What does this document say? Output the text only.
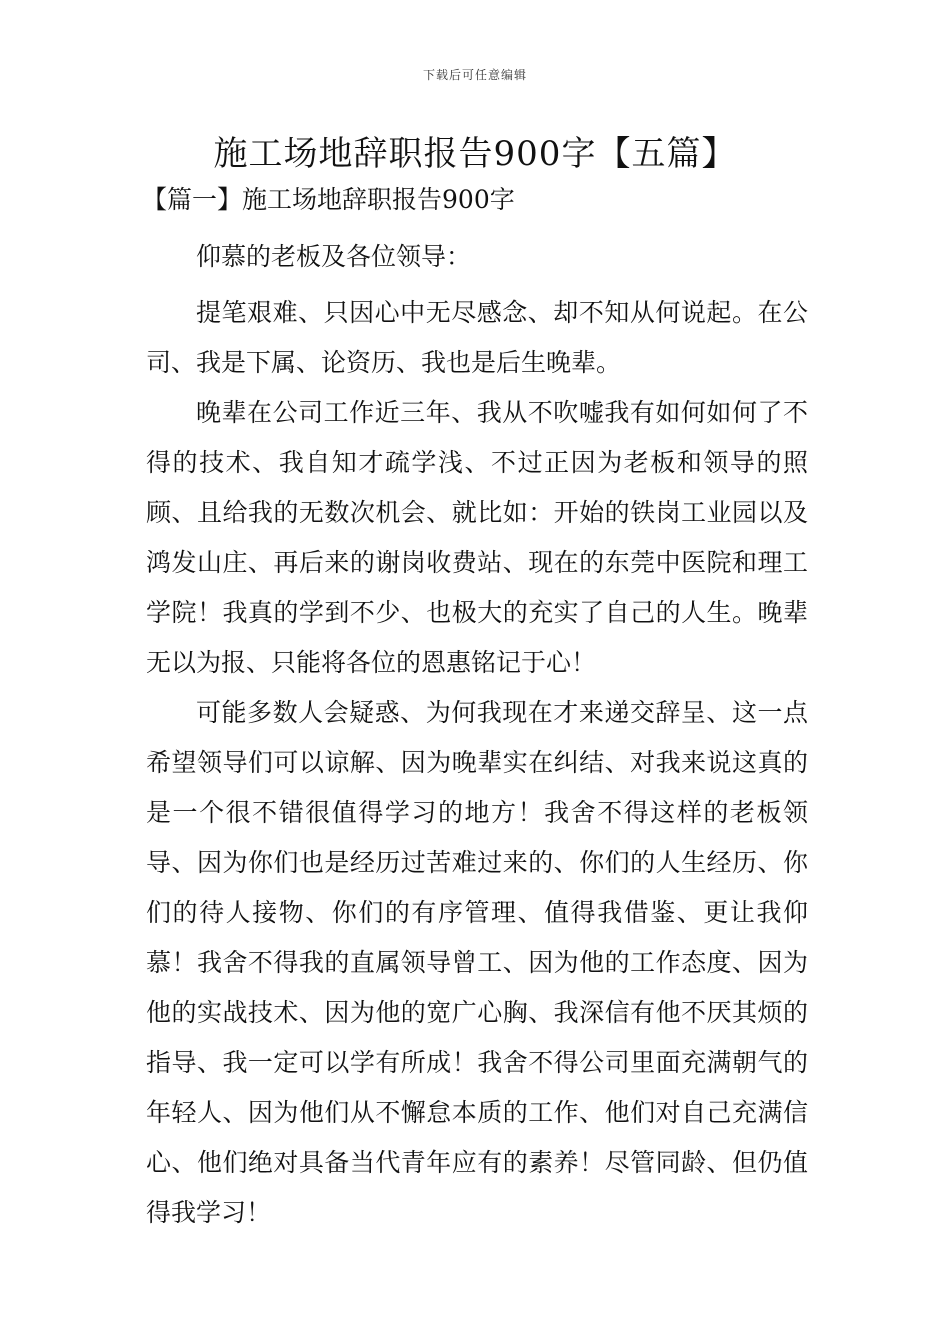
下载后可任意编辑
施工场地辞职报告900字【五篇】
【篇一】施工场地辞职报告900字

仰慕的老板及各位领导：

提笔艰难、只因心中无尽感念、却不知从何说起。在公司、我是下属、论资历、我也是后生晚辈。

晚辈在公司工作近三年、我从不吹嘘我有如何如何了不得的技术、我自知才疏学浅、不过正因为老板和领导的照顾、且给我的无数次机会、就比如：开始的铁岗工业园以及鸿发山庄、再后来的谢岗收费站、现在的东莞中医院和理工学院！我真的学到不少、也极大的充实了自己的人生。晚辈无以为报、只能将各位的恩惠铭记于心！

可能多数人会疑惑、为何我现在才来递交辞呈、这一点希望领导们可以谅解、因为晚辈实在纠结、对我来说这真的是一个很不错很值得学习的地方！我舍不得这样的老板领导、因为你们也是经历过苦难过来的、你们的人生经历、你们的待人接物、你们的有序管理、值得我借鉴、更让我仰慕！我舍不得我的直属领导曾工、因为他的工作态度、因为他的实战技术、因为他的宽广心胸、我深信有他不厌其烦的指导、我一定可以学有所成！我舍不得公司里面充满朝气的年轻人、因为他们从不懈怠本质的工作、他们对自己充满信心、他们绝对具备当代青年应有的素养！尽管同龄、但仍值得我学习！
